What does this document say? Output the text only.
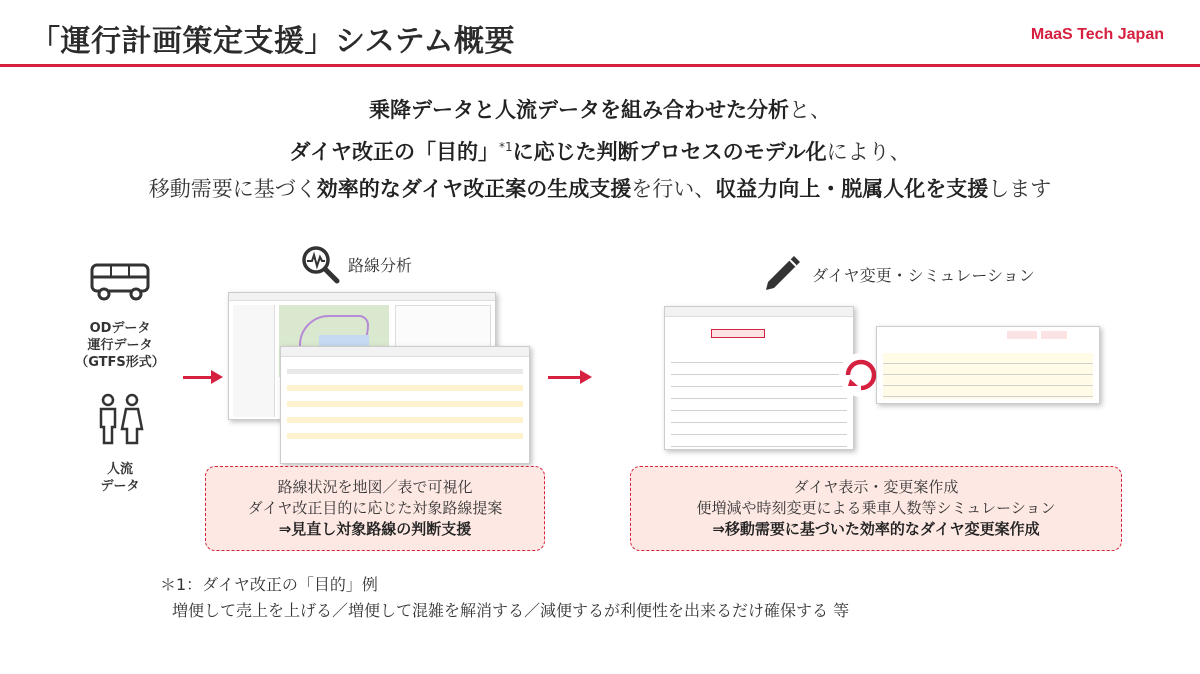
「運行計画策定支援」システム概要	MaaS Tech Japan
乗降データと人流データを組み合わせた分析と、
ダイヤ改正の「目的」$^{*1}$に応じた判断プロセスのモデル化により、
移動需要に基づく効率的なダイヤ改正案の生成支援を行い、収益力向上・脱属人化を支援します
ODデータ
運行データ
（GTFS形式）
人流
データ
路線分析
路線状況を地図／表で可視化
ダイヤ改正目的に応じた対象路線提案
⇒見直し対象路線の判断支援
ダイヤ変更・シミュレーション
ダイヤ表示・変更案作成
便増減や時刻変更による乗車人数等シミュレーション
⇒移動需要に基づいた効率的なダイヤ変更案作成
＊1：ダイヤ改正の「目的」例
増便して売上を上げる／増便して混雑を解消する／減便するが利便性を出来るだけ確保する 等
